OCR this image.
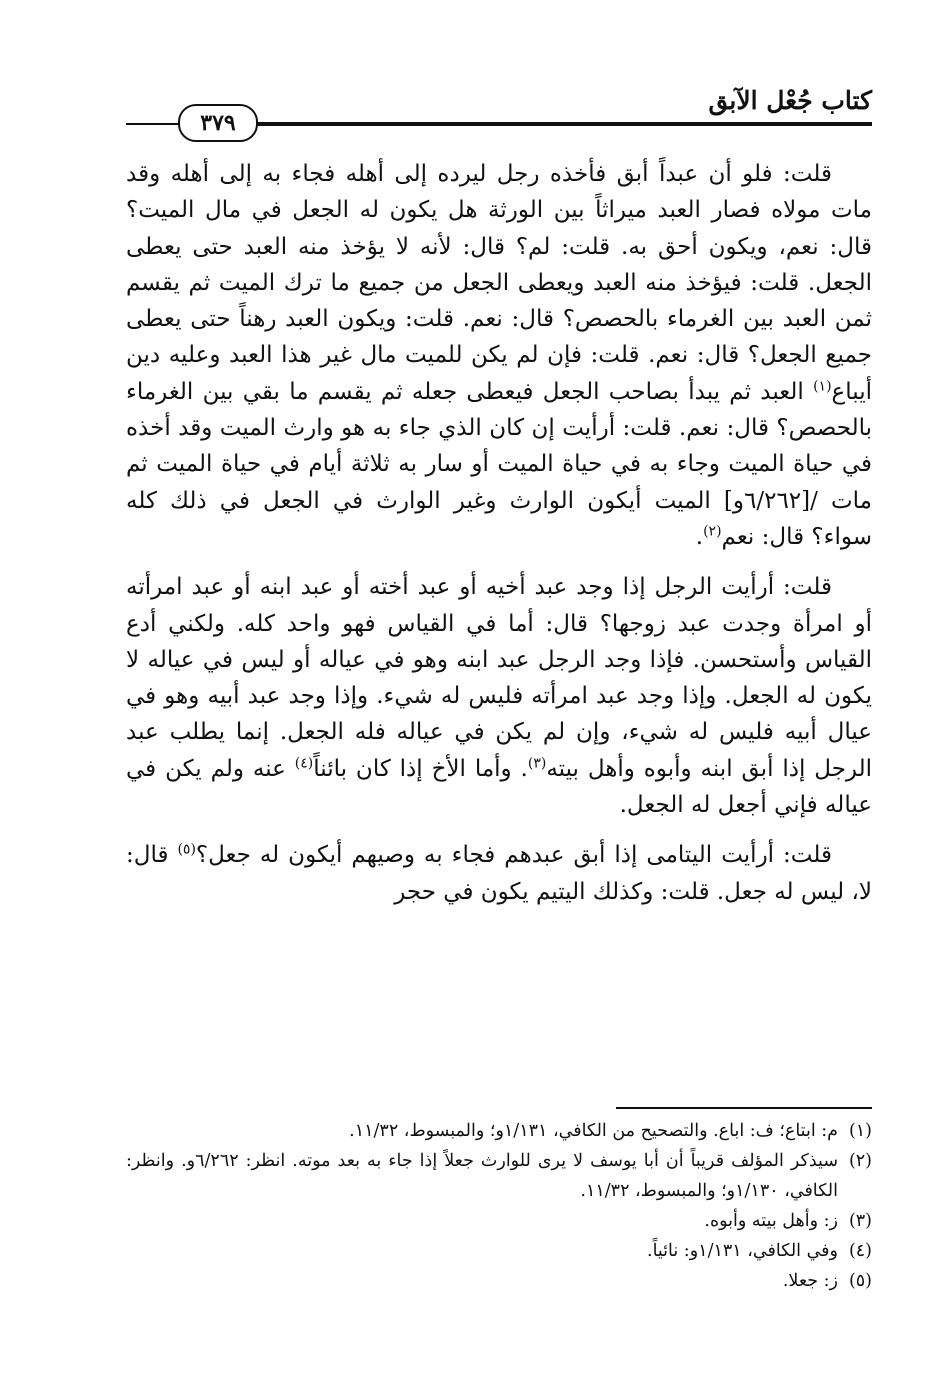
كتاب جُعْل الآبق
٣٧٩

قلت: فلو أن عبداً أبق فأخذه رجل ليرده إلى أهله فجاء به إلى أهله وقد مات مولاه فصار العبد ميراثاً بين الورثة هل يكون له الجعل في مال الميت؟ قال: نعم، ويكون أحق به. قلت: لم؟ قال: لأنه لا يؤخذ منه العبد حتى يعطى الجعل. قلت: فيؤخذ منه العبد ويعطى الجعل من جميع ما ترك الميت ثم يقسم ثمن العبد بين الغرماء بالحصص؟ قال: نعم. قلت: ويكون العبد رهناً حتى يعطى جميع الجعل؟ قال: نعم. قلت: فإن لم يكن للميت مال غير هذا العبد وعليه دين أيباع$^{(١)}$ العبد ثم يبدأ بصاحب الجعل فيعطى جعله ثم يقسم ما بقي بين الغرماء بالحصص؟ قال: نعم. قلت: أرأيت إن كان الذي جاء به هو وارث الميت وقد أخذه في حياة الميت وجاء به في حياة الميت أو سار به ثلاثة أيام في حياة الميت ثم مات /[٦/٢٦٢و] الميت أيكون الوارث وغير الوارث في الجعل في ذلك كله سواء؟ قال: نعم$^{(٢)}$.

قلت: أرأيت الرجل إذا وجد عبد أخيه أو عبد أخته أو عبد ابنه أو عبد امرأته أو امرأة وجدت عبد زوجها؟ قال: أما في القياس فهو واحد كله. ولكني أدع القياس وأستحسن. فإذا وجد الرجل عبد ابنه وهو في عياله أو ليس في عياله لا يكون له الجعل. وإذا وجد عبد امرأته فليس له شيء. وإذا وجد عبد أبيه وهو في عيال أبيه فليس له شيء، وإن لم يكن في عياله فله الجعل. إنما يطلب عبد الرجل إذا أبق ابنه وأبوه وأهل بيته$^{(٣)}$. وأما الأخ إذا كان بائناً$^{(٤)}$ عنه ولم يكن في عياله فإني أجعل له الجعل.

قلت: أرأيت اليتامى إذا أبق عبدهم فجاء به وصيهم أيكون له جعل؟$^{(٥)}$ قال: لا، ليس له جعل. قلت: وكذلك اليتيم يكون في حجر

(١)
م: ابتاع؛ ف: اباع. والتصحيح من الكافي، ١/١٣١و؛ والمبسوط، ١١/٣٢.
(٢)
سيذكر المؤلف قريباً أن أبا يوسف لا يرى للوارث جعلاً إذا جاء به بعد موته. انظر: ٦/٢٦٢و. وانظر: الكافي، ١/١٣٠و؛ والمبسوط، ١١/٣٢.
(٣)
ز: وأهل بيته وأبوه.
(٤)
وفي الكافي، ١/١٣١و: نائياً.
(٥)
ز: جعلا.
